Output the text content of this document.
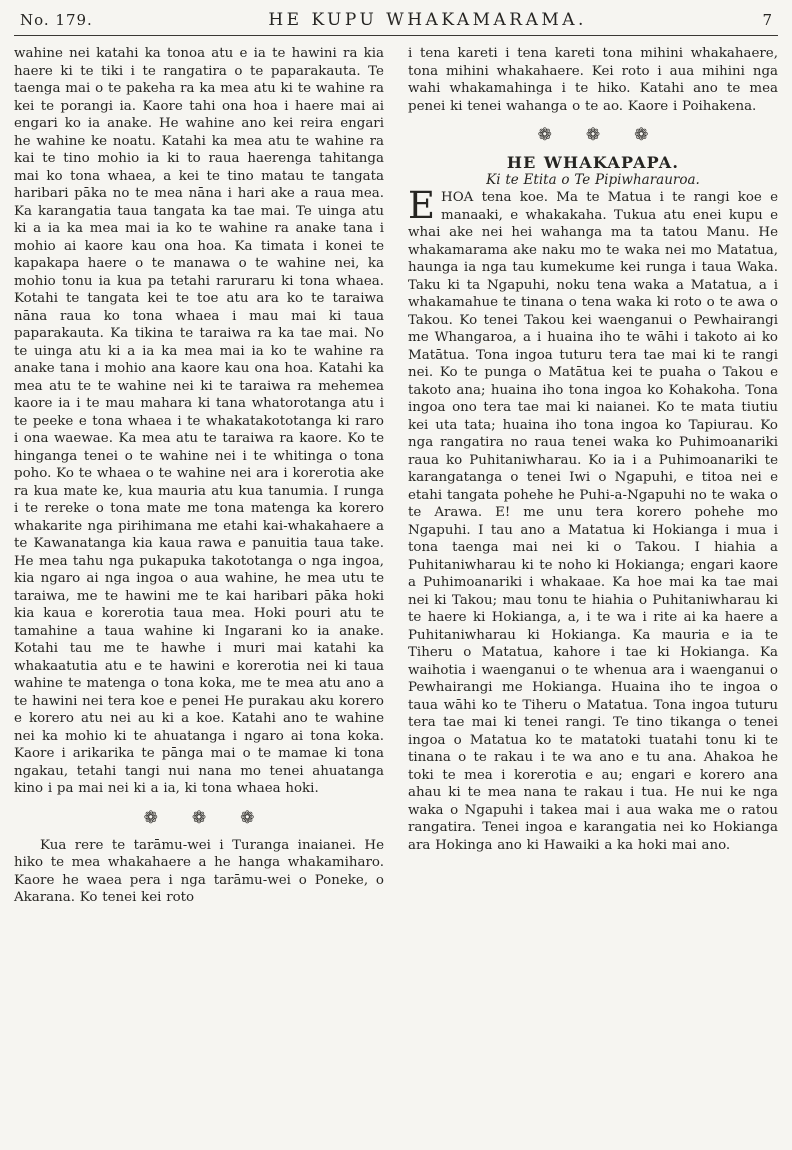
No. 179.	HE KUPU WHAKAMARAMA.	7

wahine nei katahi ka tonoa atu e ia te hawini ra kia haere ki te tiki i te rangatira o te paparakauta. Te taenga mai o te pakeha ra ka mea atu ki te wahine ra kei te porangi ia. Kaore tahi ona hoa i haere mai ai engari ko ia anake. He wahine ano kei reira engari he wahine ke noatu. Katahi ka mea atu te wahine ra kai te tino mohio ia ki to raua haerenga tahitanga mai ko tona whaea, a kei te tino matau te tangata haribari pāka no te mea nāna i hari ake a raua mea. Ka karangatia taua tangata ka tae mai. Te uinga atu ki a ia ka mea mai ia ko te wahine ra anake tana i mohio ai kaore kau ona hoa. Ka timata i konei te kapakapa haere o te manawa o te wahine nei, ka mohio tonu ia kua pa tetahi raruraru ki tona whaea. Kotahi te tangata kei te toe atu ara ko te taraiwa nāna raua ko tona whaea i mau mai ki taua paparakauta. Ka tikina te taraiwa ra ka tae mai. No te uinga atu ki a ia ka mea mai ia ko te wahine ra anake tana i mohio ana kaore kau ona hoa. Katahi ka mea atu te te wahine nei ki te taraiwa ra mehemea kaore ia i te mau mahara ki tana whatorotanga atu i te peeke e tona whaea i te whakatakototanga ki raro i ona waewae. Ka mea atu te taraiwa ra kaore. Ko te hinganga tenei o te wahine nei i te whitinga o tona poho. Ko te whaea o te wahine nei ara i korerotia ake ra kua mate ke, kua mauria atu kua tanumia. I runga i te rereke o tona mate me tona matenga ka korero whakarite nga pirihimana me etahi kai-whakahaere a te Kawanatanga kia kaua rawa e panuitia taua take. He mea tahu nga pukapuka takototanga o nga ingoa, kia ngaro ai nga ingoa o aua wahine, he mea utu te taraiwa, me te hawini me te kai haribari pāka hoki kia kaua e korerotia taua mea. Hoki pouri atu te tamahine a taua wahine ki Ingarani ko ia anake. Kotahi tau me te hawhe i muri mai katahi ka whakaatutia atu e te hawini e korerotia nei ki taua wahine te matenga o tona koka, me te mea atu ano a te hawini nei tera koe e penei He purakau aku korero e korero atu nei au ki a koe. Katahi ano te wahine nei ka mohio ki te ahuatanga i ngaro ai tona koka. Kaore i arikarika te pānga mai o te mamae ki tona ngakau, tetahi tangi nui nana mo tenei ahuatanga kino i pa mai nei ki a ia, ki tona whaea hoki.

❁ ❁ ❁

Kua rere te tarāmu-wei i Turanga inaianei. He hiko te mea whakahaere a he hanga whakamiharo. Kaore he waea pera i nga tarāmu-wei o Poneke, o Akarana. Ko tenei kei roto

i tena kareti i tena kareti tona mihini whakahaere, tona mihini whakahaere. Kei roto i aua mihini nga wahi whakamahinga i te hiko. Katahi ano te mea penei ki tenei wahanga o te ao. Kaore i Poihakena.

❁ ❁ ❁

HE WHAKAPAPA.

Ki te Etita o Te Pipiwharauroa.

EHOA tena koe. Ma te Matua i te rangi koe e manaaki, e whakakaha. Tukua atu enei kupu e whai ake nei hei wahanga ma ta tatou Manu. He whakamarama ake naku mo te waka nei mo Matatua, haunga ia nga tau kumekume kei runga i taua Waka. Taku ki ta Ngapuhi, noku tena waka a Matatua, a i whakamahue te tinana o tena waka ki roto o te awa o Takou. Ko tenei Takou kei waenganui o Pewhairangi me Whangaroa, a i huaina iho te wāhi i takoto ai ko Matātua. Tona ingoa tuturu tera tae mai ki te rangi nei. Ko te punga o Matātua kei te puaha o Takou e takoto ana; huaina iho tona ingoa ko Kohakoha. Tona ingoa ono tera tae mai ki naianei. Ko te mata tiutiu kei uta tata; huaina iho tona ingoa ko Tapiurau. Ko nga rangatira no raua tenei waka ko Puhimoanariki raua ko Puhitaniwharau. Ko ia i a Puhimoanariki te karangatanga o tenei Iwi o Ngapuhi, e titoa nei e etahi tangata pohehe he Puhi-a-Ngapuhi no te waka o te Arawa. E! me unu tera korero pohehe mo Ngapuhi. I tau ano a Matatua ki Hokianga i mua i tona taenga mai nei ki o Takou. I hiahia a Puhitaniwharau ki te noho ki Hokianga; engari kaore a Puhimoanariki i whakaae. Ka hoe mai ka tae mai nei ki Takou; mau tonu te hiahia o Puhitaniwharau ki te haere ki Hokianga, a, i te wa i rite ai ka haere a Puhitaniwharau ki Hokianga. Ka mauria e ia te Tiheru o Matatua, kahore i tae ki Hokianga. Ka waihotia i waenganui o te whenua ara i waenganui o Pewhairangi me Hokianga. Huaina iho te ingoa o taua wāhi ko te Tiheru o Matatua. Tona ingoa tuturu tera tae mai ki tenei rangi. Te tino tikanga o tenei ingoa o Matatua ko te matatoki tuatahi tonu ki te tinana o te rakau i te wa ano e tu ana. Ahakoa he toki te mea i korerotia e au; engari e korero ana ahau ki te mea nana te rakau i tua. He nui ke nga waka o Ngapuhi i takea mai i aua waka me o ratou rangatira. Tenei ingoa e karangatia nei ko Hokianga ara Hokinga ano ki Hawaiki a ka hoki mai ano.
